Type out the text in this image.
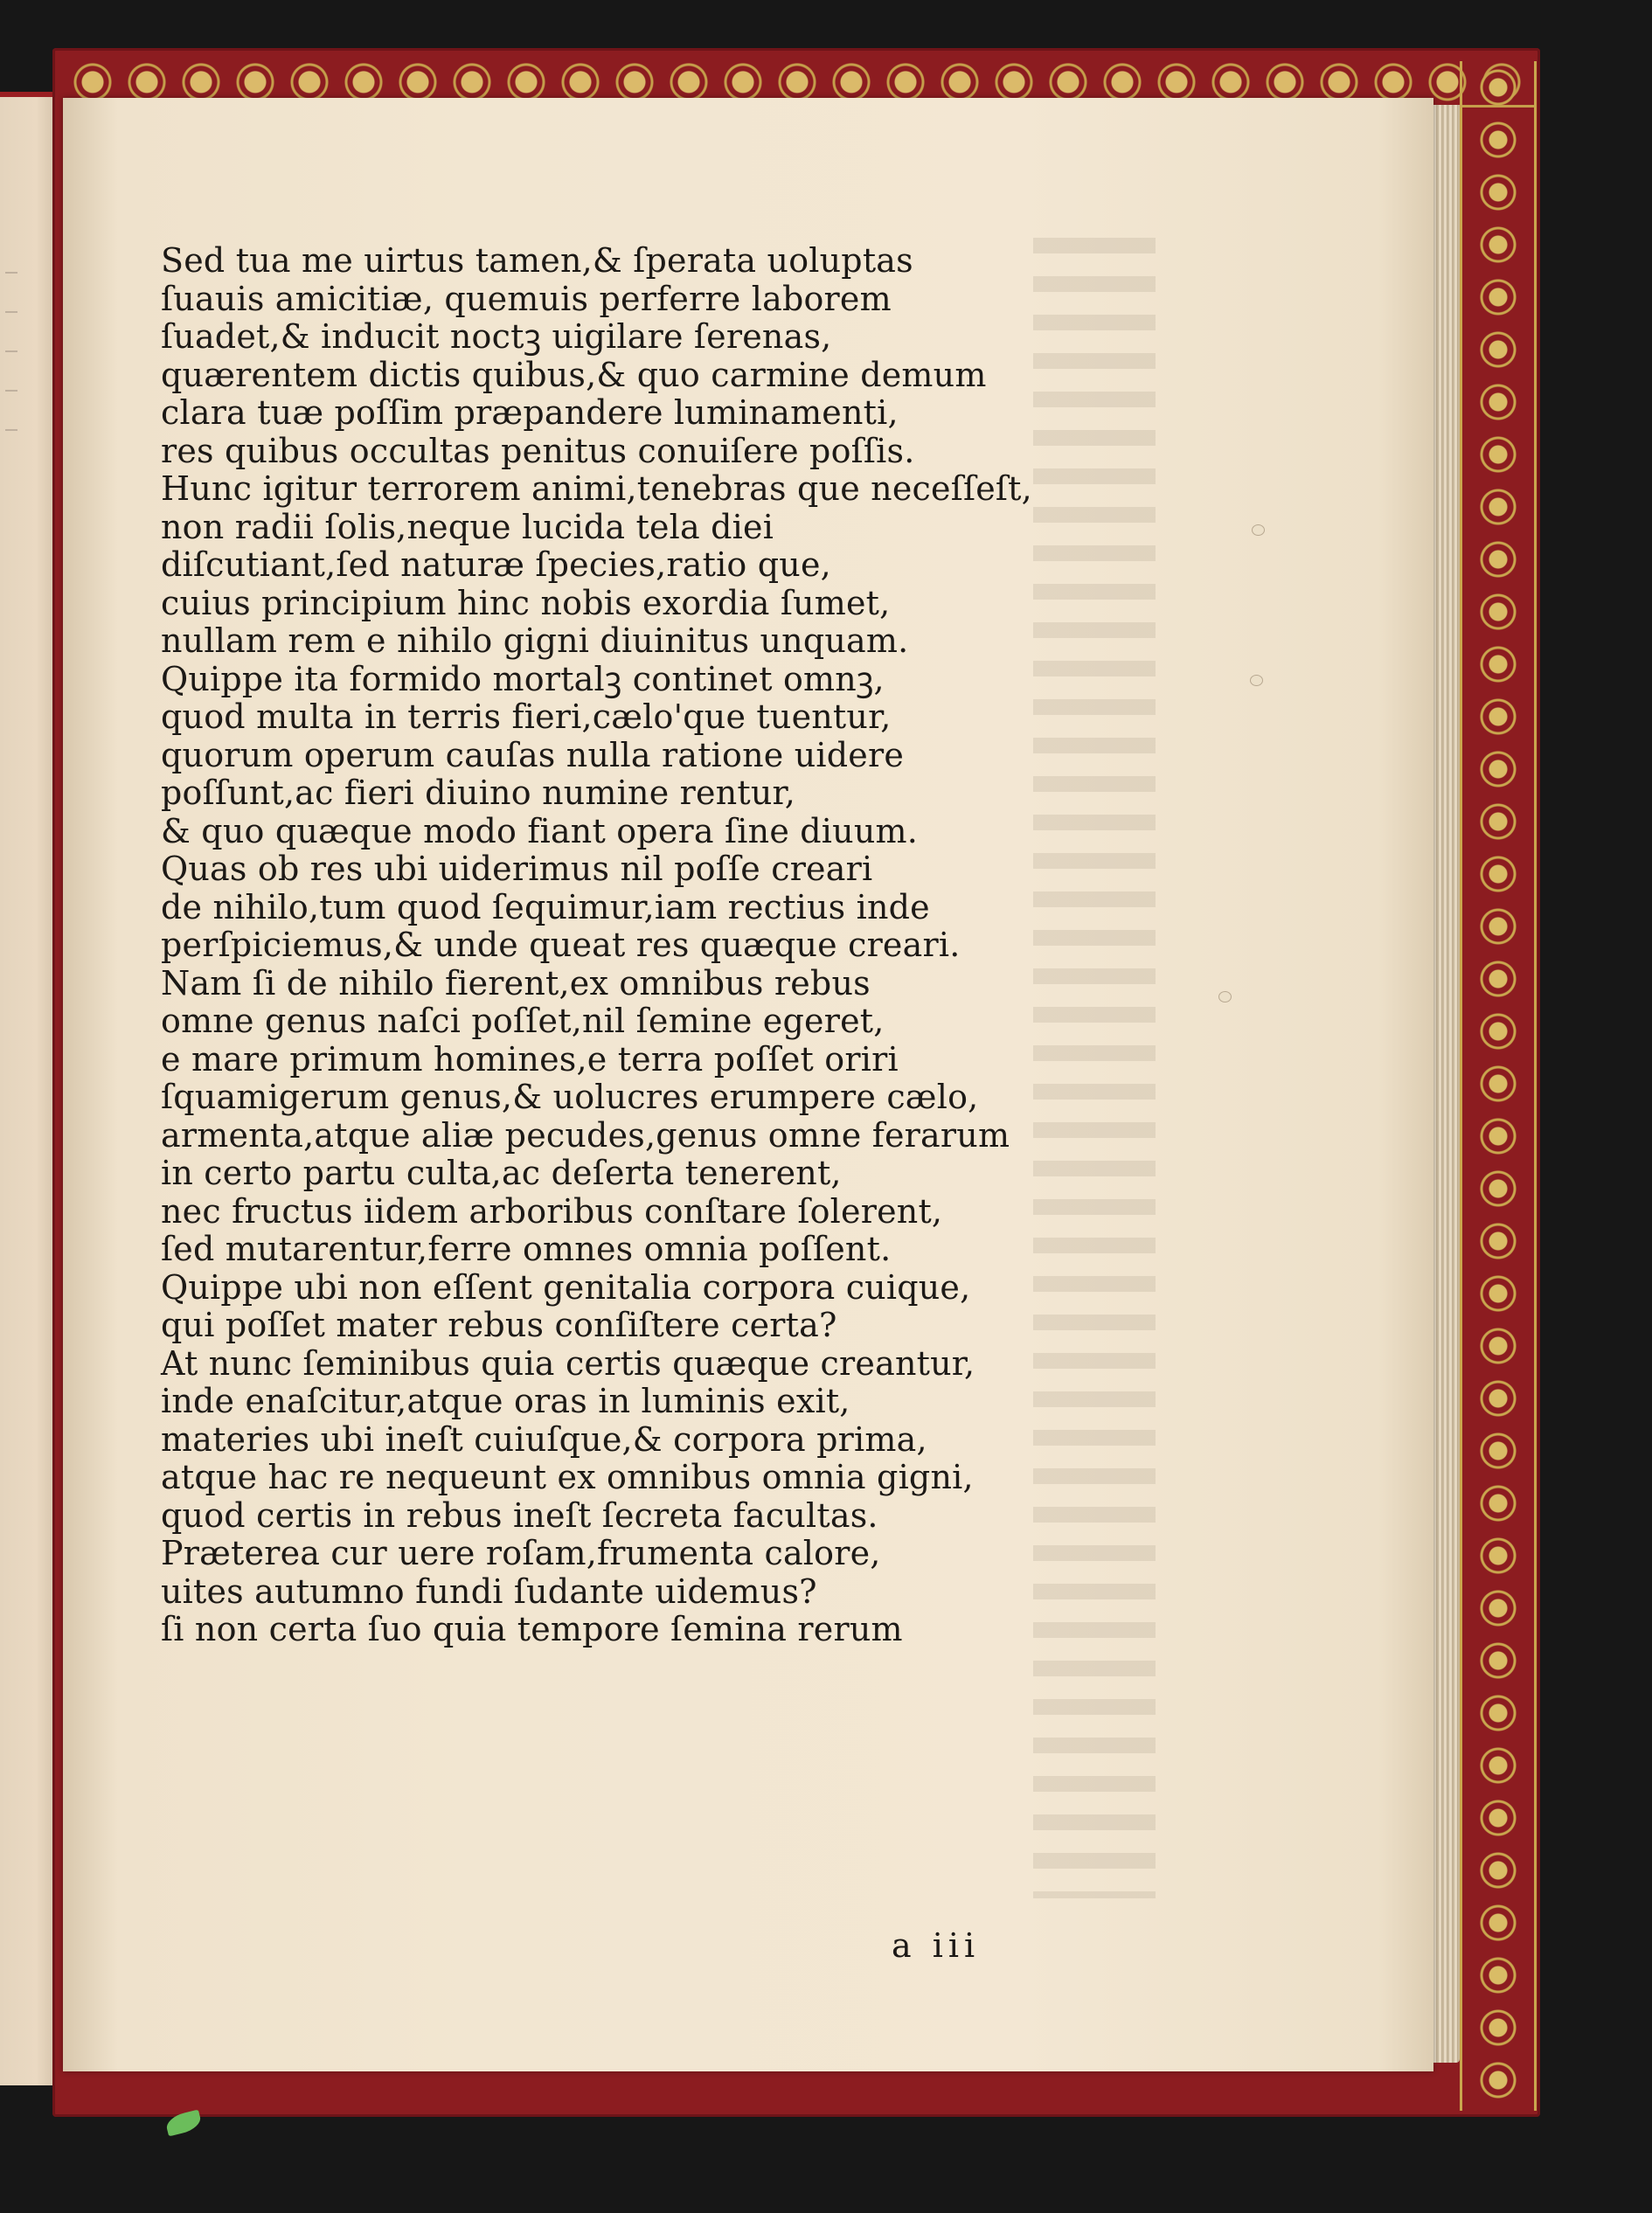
Sed tua me uirtus tamen,& ſperata uoluptas
ſuauis amicitiæ, quemuis perferre laborem
ſuadet,& inducit noctꝫ uigilare ſerenas,
quærentem dictis quibus,& quo carmine demum
clara tuæ poſſim præpandere luminamenti,
res quibus occultas penitus conuiſere poſſis.
Hunc igitur terrorem animi,tenebras que neceſſeſt,
non radii ſolis,neque lucida tela diei
diſcutiant,ſed naturæ ſpecies,ratio que,
cuius principium hinc nobis exordia ſumet,
nullam rem e nihilo gigni diuinitus unquam.
Quippe ita formido mortalꝫ continet omnꝫ,
quod multa in terris fieri,cælo'que tuentur,
quorum operum cauſas nulla ratione uidere
poſſunt,ac fieri diuino numine rentur,
& quo quæque modo fiant opera ſine diuum.
Quas ob res ubi uiderimus nil poſſe creari
de nihilo,tum quod ſequimur,iam rectius inde
perſpiciemus,& unde queat res quæque creari.
Nam ſi de nihilo fierent,ex omnibus rebus
omne genus naſci poſſet,nil ſemine egeret,
e mare primum homines,e terra poſſet oriri
ſquamigerum genus,& uolucres erumpere cælo,
armenta,atque aliæ pecudes,genus omne ferarum
in certo partu culta,ac deſerta tenerent,
nec fructus iidem arboribus conſtare ſolerent,
ſed mutarentur,ferre omnes omnia poſſent.
Quippe ubi non eſſent genitalia corpora cuique,
qui poſſet mater rebus conſiſtere certa?
At nunc ſeminibus quia certis quæque creantur,
inde enaſcitur,atque oras in luminis exit,
materies ubi ineſt cuiuſque,& corpora prima,
atque hac re nequeunt ex omnibus omnia gigni,
quod certis in rebus ineſt ſecreta facultas.
Præterea cur uere roſam,frumenta calore,
uites autumno fundi ſudante uidemus?
ſi non certa ſuo quia tempore ſemina rerum
a iii
